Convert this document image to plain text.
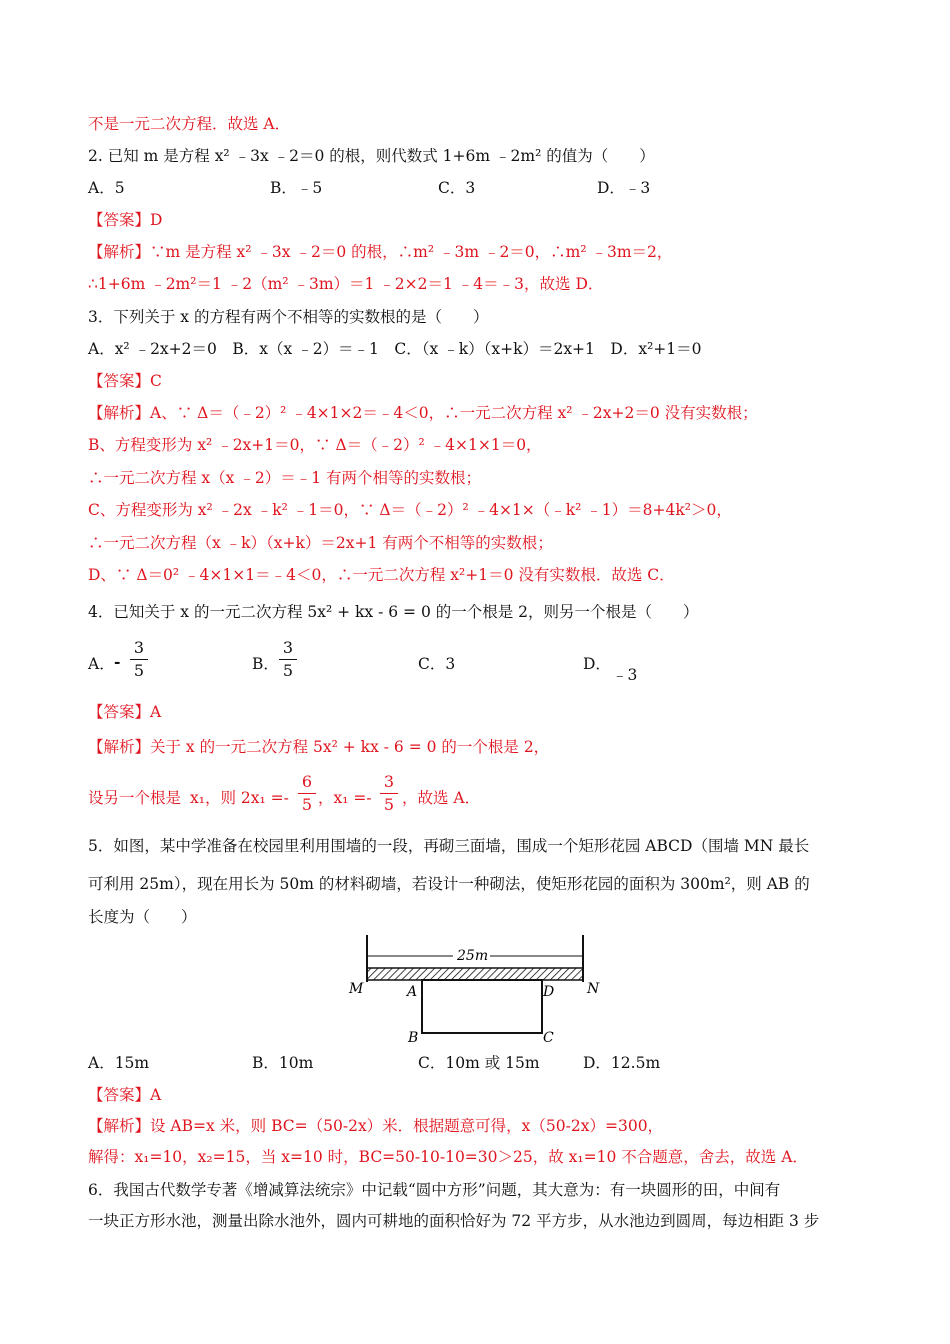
不是一元二次方程．故选 A．
2. 已知 m 是方程 x² ﹣3x ﹣2＝0 的根，则代数式 1+6m ﹣2m² 的值为（　　）
A．5	B．﹣5	C．3	D．﹣3
【答案】D
【解析】∵m 是方程 x² ﹣3x ﹣2＝0 的根，∴m² ﹣3m ﹣2＝0，∴m² ﹣3m＝2，
∴1+6m ﹣2m²＝1 ﹣2（m² ﹣3m）＝1 ﹣2×2＝1 ﹣4＝﹣3，故选 D．
3．下列关于 x 的方程有两个不相等的实数根的是（　　）
A．x² ﹣2x+2＝0　B．x（x ﹣2）＝﹣1　C．（x ﹣k）（x+k）＝2x+1　D．x²+1＝0
【答案】C
【解析】A、∵ Δ＝（﹣2）² ﹣4×1×2＝﹣4＜0，∴一元二次方程 x² ﹣2x+2＝0 没有实数根；
B、方程变形为 x² ﹣2x+1＝0，∵ Δ＝（﹣2）² ﹣4×1×1＝0，
∴一元二次方程 x（x ﹣2）＝﹣1 有两个相等的实数根；
C、方程变形为 x² ﹣2x ﹣k² ﹣1＝0，∵ Δ＝（﹣2）² ﹣4×1×（﹣k² ﹣1）＝8+4k²＞0，
∴一元二次方程（x ﹣k）（x+k）＝2x+1 有两个不相等的实数根；
D、∵ Δ＝0² ﹣4×1×1＝﹣4＜0，∴一元二次方程 x²+1＝0 没有实数根．故选 C．
4．已知关于 x 的一元二次方程 5x² + kx - 6 = 0 的一个根是 2，则另一个根是（　　）
A． -
3
5	B．
3
5	C．3	D．
﹣3
【答案】A
【解析】关于 x 的一元二次方程 5x² + kx - 6 = 0 的一个根是 2，
设另一个根是 x₁，则 2x₁ =-
6
5 ，x₁ =-
3
5 ，故选 A．
5．如图，某中学准备在校园里利用围墙的一段，再砌三面墙，围成一个矩形花园 ABCD（围墙 MN 最长
可利用 25m），现在用长为 50m 的材料砌墙，若设计一种砌法，使矩形花园的面积为 300m²，则 AB 的
长度为（　　）
25m
M	N
A	D
B	C
A．15m	B．10m	C．10m 或 15m	D．12.5m
【答案】A
【解析】设 AB=x 米，则 BC=（50-2x）米．根据题意可得，x（50-2x）=300，
解得：x₁=10，x₂=15，当 x=10 时，BC=50-10-10=30＞25，故 x₁=10 不合题意，舍去，故选 A．
6．我国古代数学专著《增减算法统宗》中记载“圆中方形”问题，其大意为：有一块圆形的田，中间有
一块正方形水池，测量出除水池外，圆内可耕地的面积恰好为 72 平方步，从水池边到圆周，每边相距 3 步
